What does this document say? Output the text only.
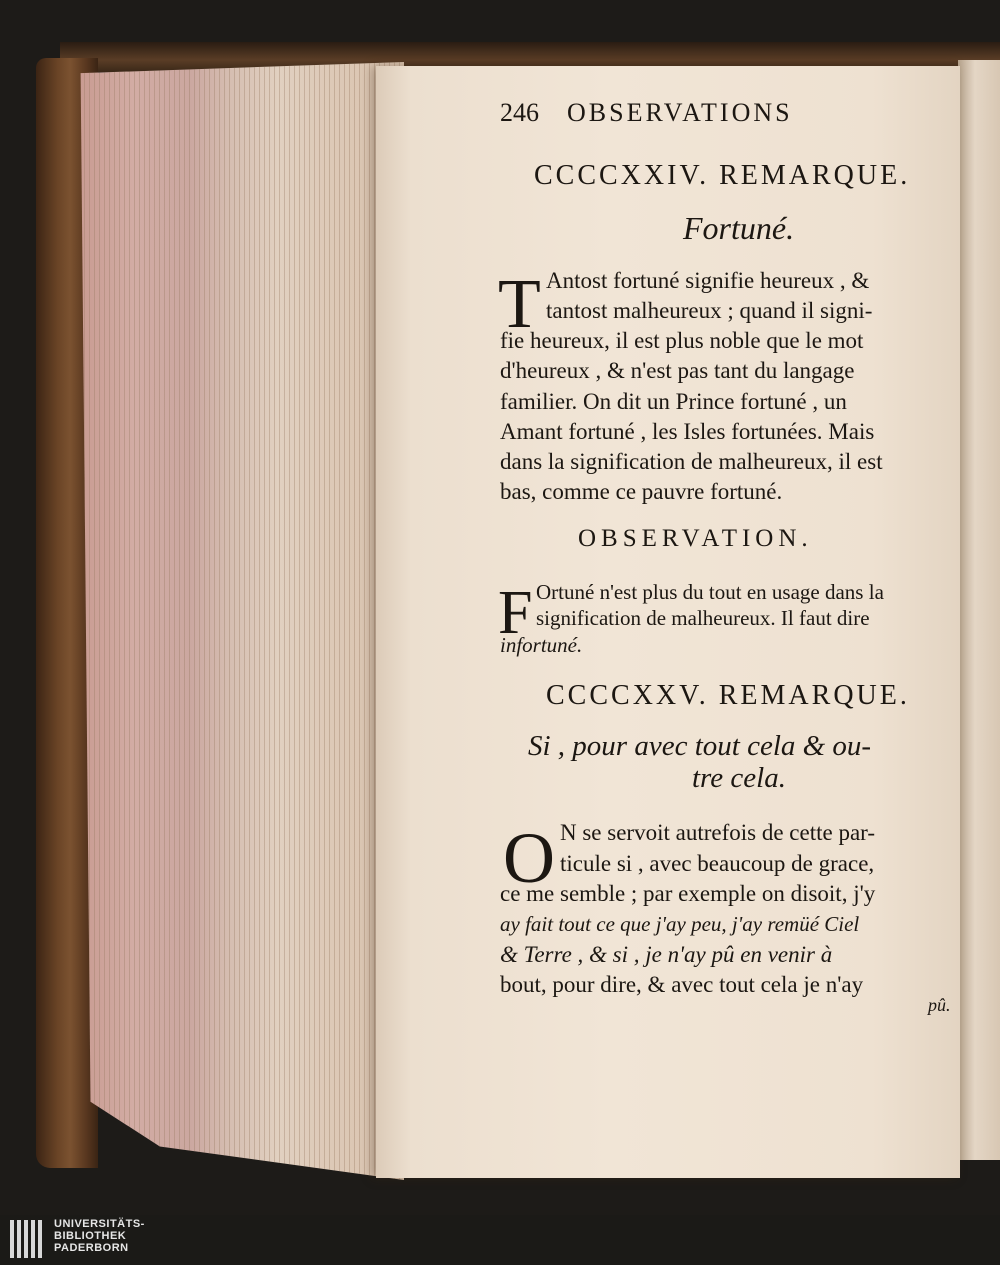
246 OBSERVATIONS
CCCCXXIV. REMARQUE.
Fortuné.
T Antost fortuné signifie heureux , &
tantost malheureux ; quand il signi-
fie heureux, il est plus noble que le mot
d'heureux , & n'est pas tant du langage
familier. On dit un Prince fortuné , un
Amant fortuné , les Isles fortunées. Mais
dans la signification de malheureux, il est
bas, comme ce pauvre fortuné.
OBSERVATION.
F Ortuné n'est plus du tout en usage dans la
signification de malheureux. Il faut dire
infortuné.
CCCCXXV. REMARQUE.
Si , pour avec tout cela & ou-
tre cela.
O N se servoit autrefois de cette par-
ticule si , avec beaucoup de grace,
ce me semble ; par exemple on disoit, j'y
ay fait tout ce que j'ay peu, j'ay remüé Ciel
& Terre , & si , je n'ay pû en venir à
bout, pour dire, & avec tout cela je n'ay
pû.
UNIVERSITÄTS-
BIBLIOTHEK
PADERBORN
